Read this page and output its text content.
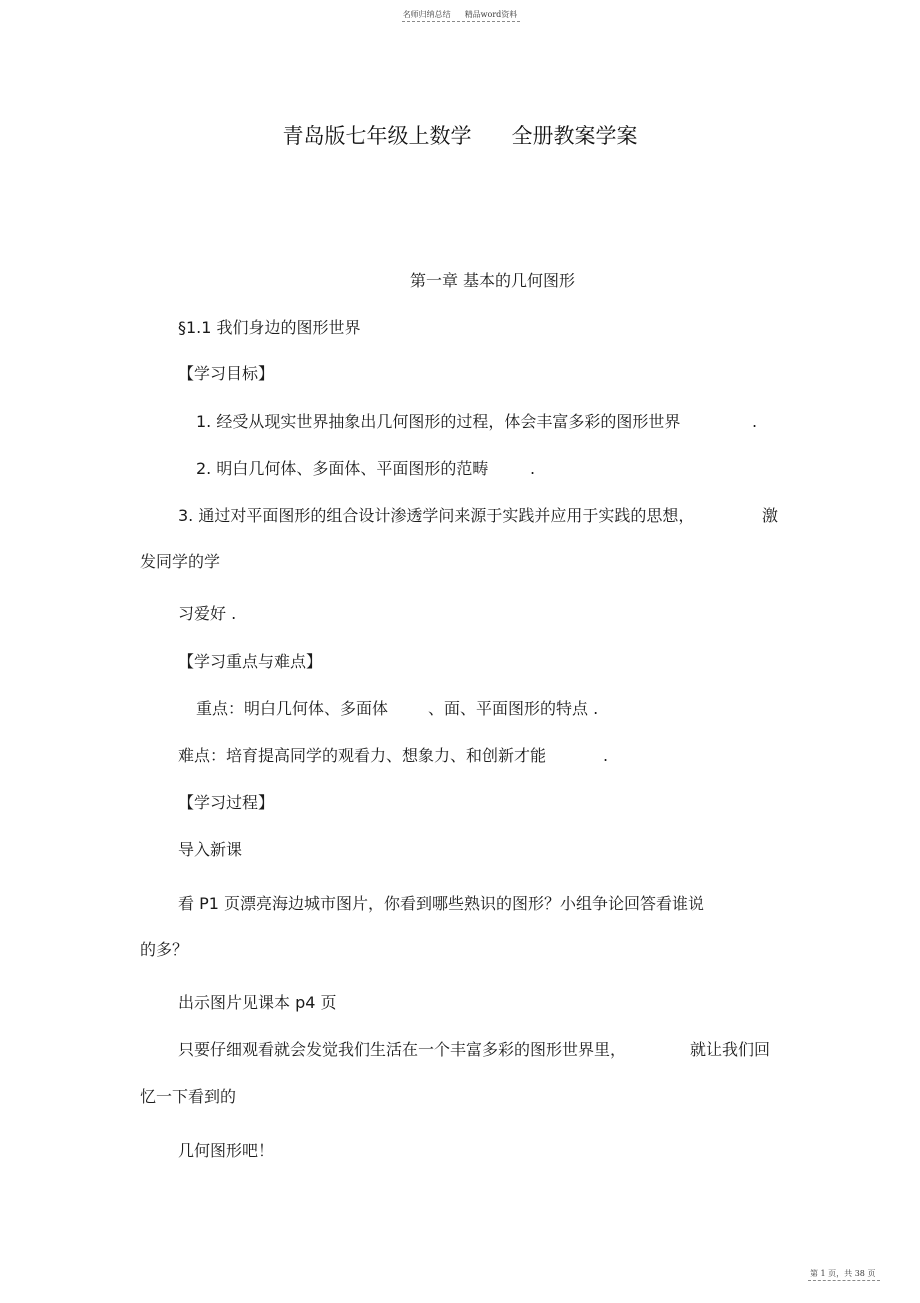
名师归纳总结 精品word资料
青岛版七年级上数学 全册教案学案
第一章 基本的几何图形
§1.1 我们身边的图形世界
【学习目标】
1. 经受从现实世界抽象出几何图形的过程，体会丰富多彩的图形世界	.
2. 明白几何体、多面体、平面图形的范畴	.
3. 通过对平面图形的组合设计渗透学问来源于实践并应用于实践的思想，	激
发同学的学
习爱好 .
【学习重点与难点】
重点：明白几何体、多面体 、面、平面图形的特点 .
难点：培育提高同学的观看力、想象力、和创新才能	.
【学习过程】
导入新课
看 P1 页漂亮海边城市图片，你看到哪些熟识的图形？小组争论回答看谁说
的多？
出示图片见课本 p4 页
只要仔细观看就会发觉我们生活在一个丰富多彩的图形世界里，	就让我们回
忆一下看到的
几何图形吧！
第 1 页，共 38 页
